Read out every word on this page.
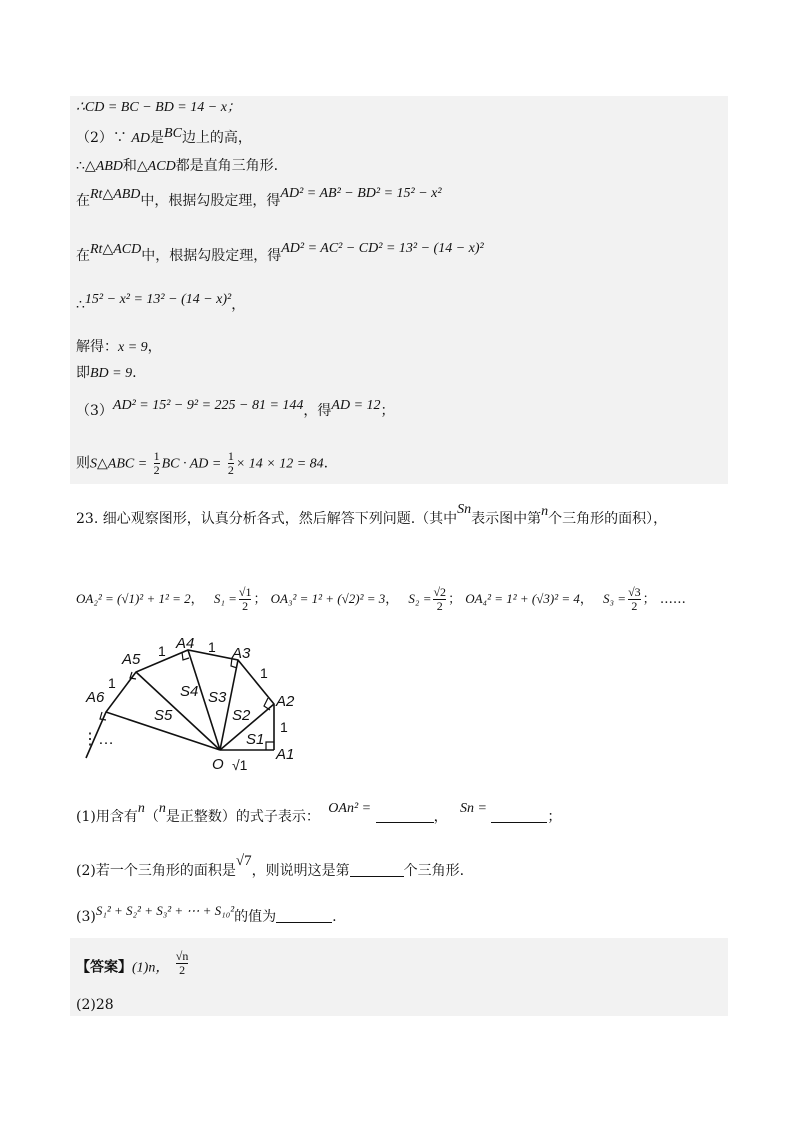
∴CD = BC − BD = 14 − x；
（2）∵ AD是BC边上的高，
∴△ABD和△ACD都是直角三角形.
在Rt△ABD中，根据勾股定理，得AD² = AB² − BD² = 15² − x²
在Rt△ACD中，根据勾股定理，得AD² = AC² − CD² = 13² − (14 − x)²
∴15² − x² = 13² − (14 − x)²，
解得：x = 9，
即BD = 9.
（3）AD² = 15² − 9² = 225 − 81 = 144，得AD = 12；
则S△ABC = $\frac{1}{2}$ BC · AD = $\frac{1}{2} \times 14 \times 12 = 84$.
23. 细心观察图形，认真分析各式，然后解答下列问题.（其中Sn表示图中第n个三角形的面积），
OA₂² = (√1)² + 1² = 2， $S_1 = \frac{√1}{2}$ ； OA₃² = 1² + (√2)² = 3， $S_2 = \frac{√2}{2}$ ； OA₄² = 1² + (√3)² = 4， $S_3 = \frac{√3}{2}$ ； ……
O
A1
A2
A3
A4
A5
A6
S1
S2
S3
S4
S5
1
1
1
1
1
√1
⋮…
(1)用含有n（n是正整数）的式子表示： OAn² = ， Sn = ；
(2)若一个三角形的面积是√7，则说明这是第	个三角形.
(3)S₁² + S₂² + S₃² + ⋯ + S₁₀²的值为	.
【答案】(1)n， $\frac{√n}{2}$
(2)28
